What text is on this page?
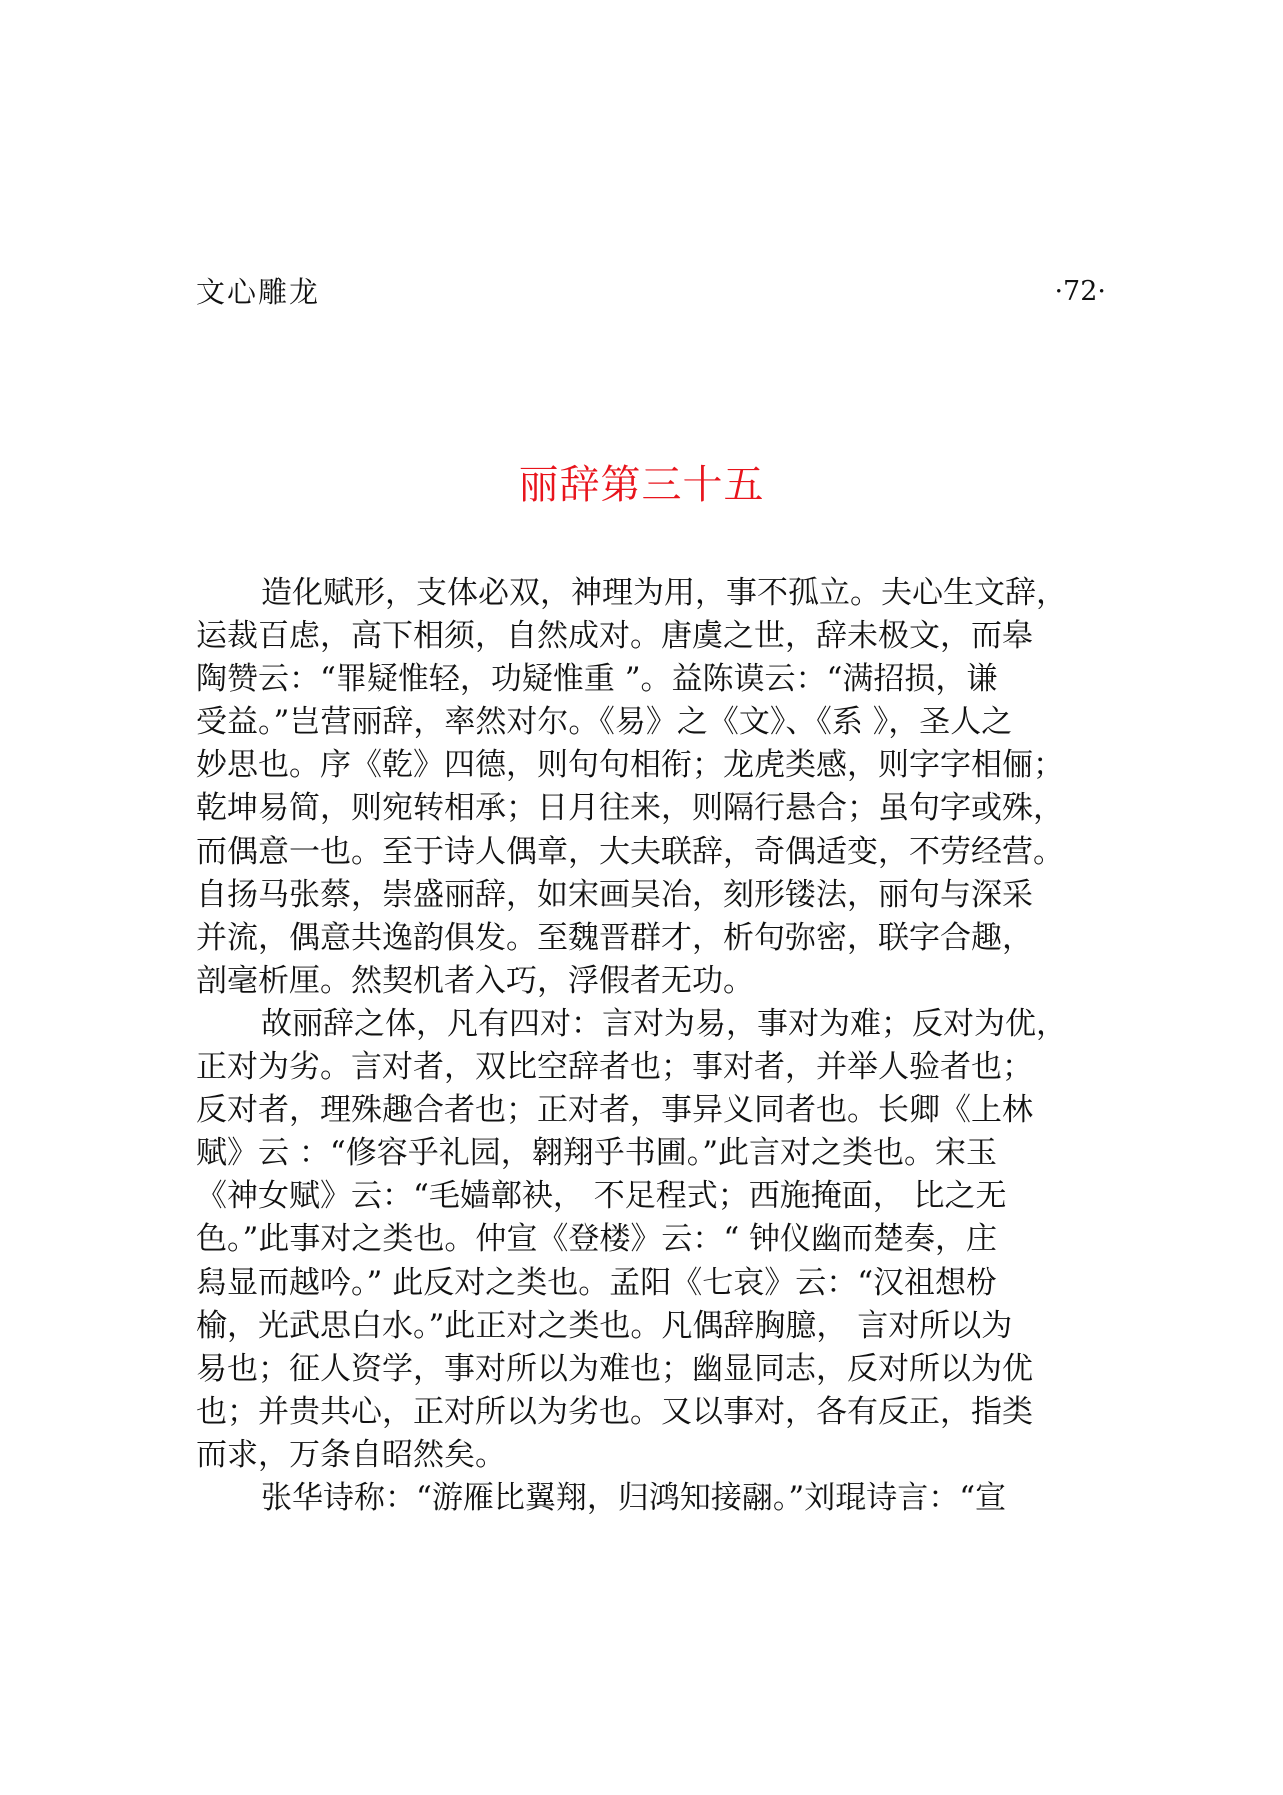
文心雕龙	·72·
丽辞第三十五
造化赋形，支体必双，神理为用，事不孤立。夫心生文辞，
运裁百虑，高下相须，自然成对。唐虞之世，辞未极文，而皋
陶赞云：“罪疑惟轻，功疑惟重 ”。益陈谟云：“满招损，谦
受益。”岂营丽辞，率然对尔。《易》之《文》、《系 》，圣人之
妙思也。序《乾》四德，则句句相衔；龙虎类感，则字字相俪；
乾坤易简，则宛转相承；日月往来，则隔行悬合；虽句字或殊，
而偶意一也。至于诗人偶章，大夫联辞，奇偶适变，不劳经营。
自扬马张蔡，崇盛丽辞，如宋画吴冶，刻形镂法，丽句与深采
并流，偶意共逸韵俱发。至魏晋群才，析句弥密，联字合趣，
剖毫析厘。然契机者入巧，浮假者无功。
故丽辞之体，凡有四对：言对为易，事对为难；反对为优，
正对为劣。言对者，双比空辞者也；事对者，并举人验者也；
反对者，理殊趣合者也；正对者，事异义同者也。长卿《上林
赋》云 ：“修容乎礼园，翱翔乎书圃。”此言对之类也。宋玉
《神女赋》云：“毛嫱鄣袂， 不足程式；西施掩面， 比之无
色。”此事对之类也。仲宣《登楼》云：“ 钟仪幽而楚奏，庄
舄显而越吟。” 此反对之类也。孟阳《七哀》云：“汉祖想枌
榆，光武思白水。”此正对之类也。凡偶辞胸臆， 言对所以为
易也；征人资学，事对所以为难也；幽显同志，反对所以为优
也；并贵共心，正对所以为劣也。又以事对，各有反正，指类
而求，万条自昭然矣。
张华诗称：“游雁比翼翔，归鸿知接翮。”刘琨诗言：“宣
